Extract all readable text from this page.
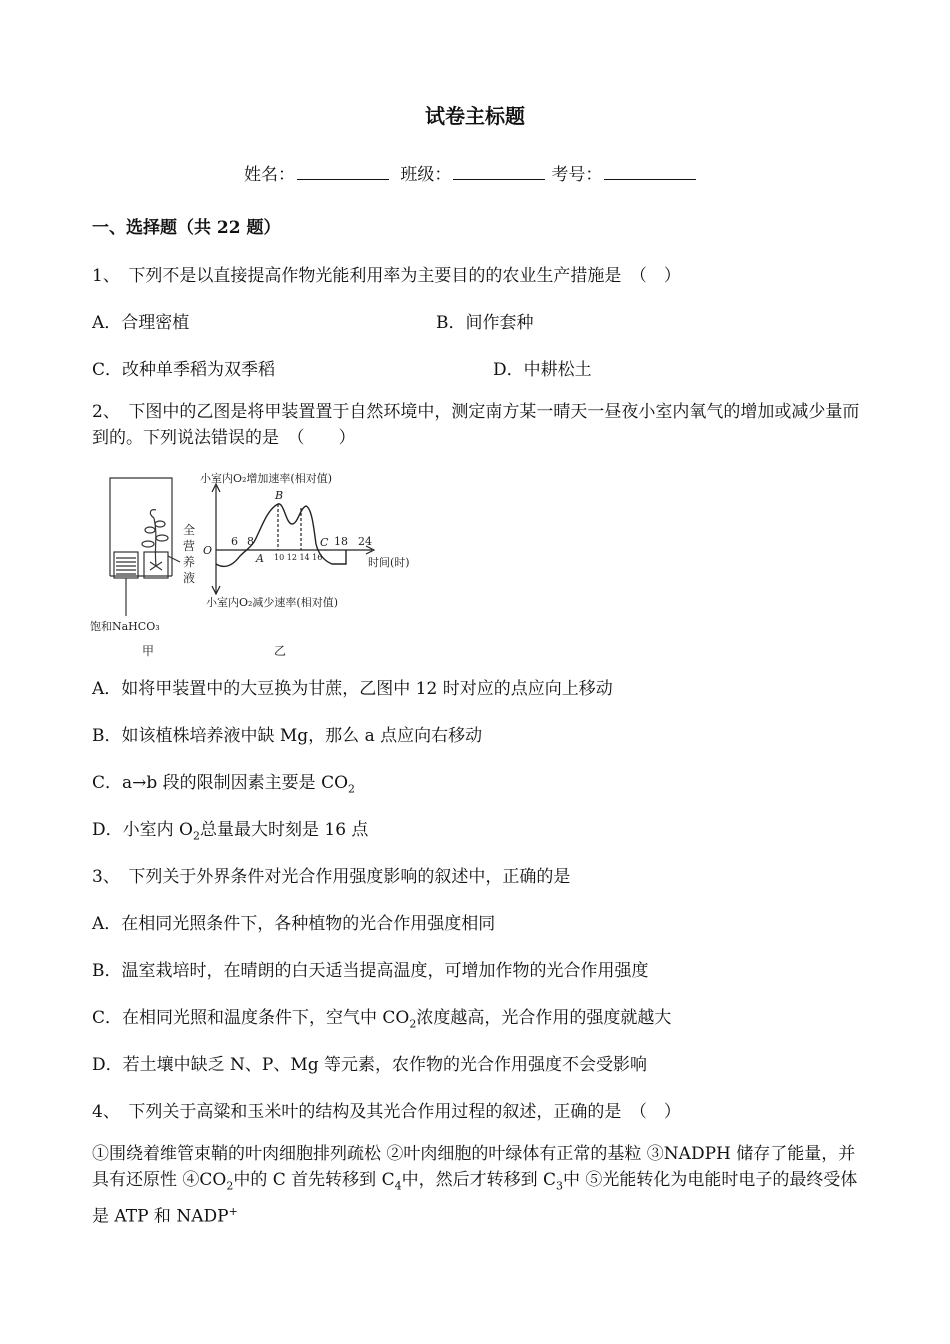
试卷主标题
姓名：	班级：	考号：
一、选择题（共 22 题）
1、　下列不是以直接提高作物光能利用率为主要目的的农业生产措施是　（　）
A．合理密植	B．间作套种
C．改种单季稻为双季稻	D．中耕松土
2、　下图中的乙图是将甲装置置于自然环境中，测定南方某一晴天一昼夜小室内氧气的增加或减少量而到的。下列说法错误的是　（　　）
全
营
养
液
饱和NaHCO₃
甲
小室内O₂增加速率(相对值)
小室内O₂减少速率(相对值)
时间(时)
O
6 8
10 12 14 16
18 24
A
B
C
乙
A．如将甲装置中的大豆换为甘蔗，乙图中 12 时对应的点应向上移动
B．如该植株培养液中缺 Mg，那么 a 点应向右移动
C．a→b 段的限制因素主要是 $CO_2$
D．小室内 $O_2$总量最大时刻是 16 点
3、　下列关于外界条件对光合作用强度影响的叙述中，正确的是
A．在相同光照条件下，各种植物的光合作用强度相同
B．温室栽培时，在晴朗的白天适当提高温度，可增加作物的光合作用强度
C．在相同光照和温度条件下，空气中 $CO_2$浓度越高，光合作用的强度就越大
D．若土壤中缺乏 N、P、Mg 等元素，农作物的光合作用强度不会受影响
4、　下列关于高粱和玉米叶的结构及其光合作用过程的叙述，正确的是　（　）
①围绕着维管束鞘的叶肉细胞排列疏松 ②叶肉细胞的叶绿体有正常的基粒 ③NADPH 储存了能量，并具有还原性 $④CO_2$中的 C 首先转移到 $C_4$中，然后才转移到 $C_3$中 ⑤光能转化为电能时电子的最终受体是 ATP 和 NADP+
